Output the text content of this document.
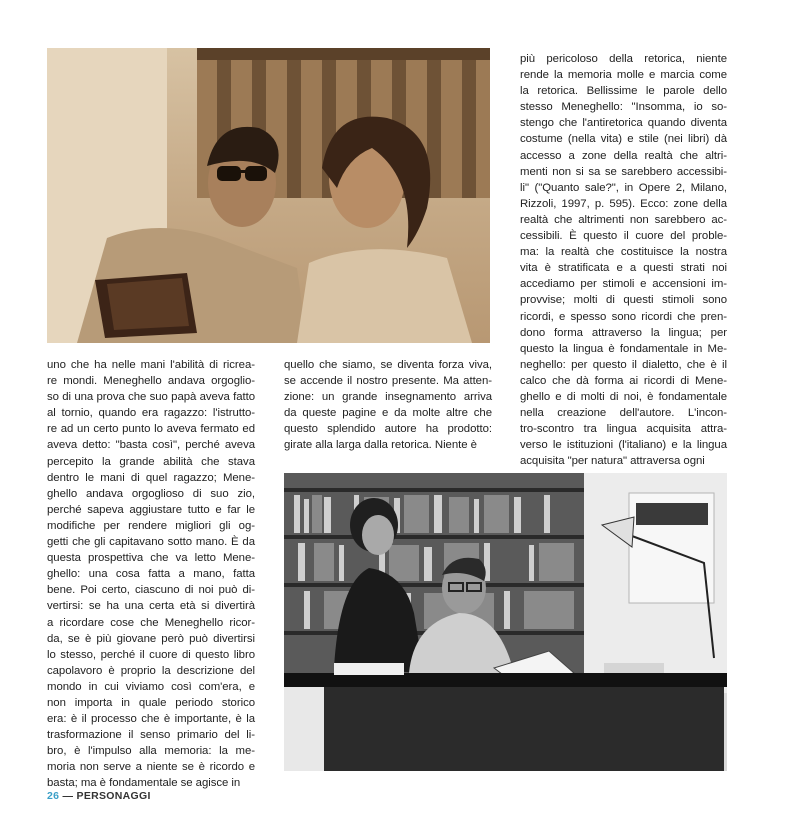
più pericoloso della retorica, niente
rende la memoria molle e marcia come
la retorica. Bellissime le parole dello
stesso Meneghello: "Insomma, io so-
stengo che l'antiretorica quando diventa
costume (nella vita) e stile (nei libri) dà
accesso a zone della realtà che altri-
menti non si sa se sarebbero accessibi-
li" ("Quanto sale?", in Opere 2, Milano,
Rizzoli, 1997, p. 595). Ecco: zone della
realtà che altrimenti non sarebbero ac-
cessibili. È questo il cuore del proble-
ma: la realtà che costituisce la nostra
vita è stratificata e a questi strati noi
accediamo per stimoli e accensioni im-
provvise; molti di questi stimoli sono
ricordi, e spesso sono ricordi che pren-
dono forma attraverso la lingua; per
questo la lingua è fondamentale in Me-
neghello: per questo il dialetto, che è il
calco che dà forma ai ricordi di Mene-
ghello e di molti di noi, è fondamentale
nella creazione dell'autore. L'incon-
tro-scontro tra lingua acquisita attra-
verso le istituzioni (l'italiano) e la lingua
acquisita "per natura" attraversa ogni
uno che ha nelle mani l'abilità di ricrea-
re mondi. Meneghello andava orgoglio-
so di una prova che suo papà aveva fatto
al tornio, quando era ragazzo: l'istrutto-
re ad un certo punto lo aveva fermato ed
aveva detto: "basta così", perché aveva
percepito la grande abilità che stava
dentro le mani di quel ragazzo; Mene-
ghello andava orgoglioso di suo zio,
perché sapeva aggiustare tutto e far le
modifiche per rendere migliori gli og-
getti che gli capitavano sotto mano. È da
questa prospettiva che va letto Mene-
ghello: una cosa fatta a mano, fatta
bene. Poi certo, ciascuno di noi può di-
vertirsi: se ha una certa età si divertirà
a ricordare cose che Meneghello ricor-
da, se è più giovane però può divertirsi
lo stesso, perché il cuore di questo libro
capolavoro è proprio la descrizione del
mondo in cui viviamo così com'era, e
non importa in quale periodo storico
era: è il processo che è importante, è la
trasformazione il senso primario del li-
bro, è l'impulso alla memoria: la me-
moria non serve a niente se è ricordo e
basta; ma è fondamentale se agisce in
quello che siamo, se diventa forza viva,
se accende il nostro presente. Ma atten-
zione: un grande insegnamento arriva
da queste pagine e da molte altre che
questo splendido autore ha prodotto:
girate alla larga dalla retorica. Niente è
26 — PERSONAGGI
